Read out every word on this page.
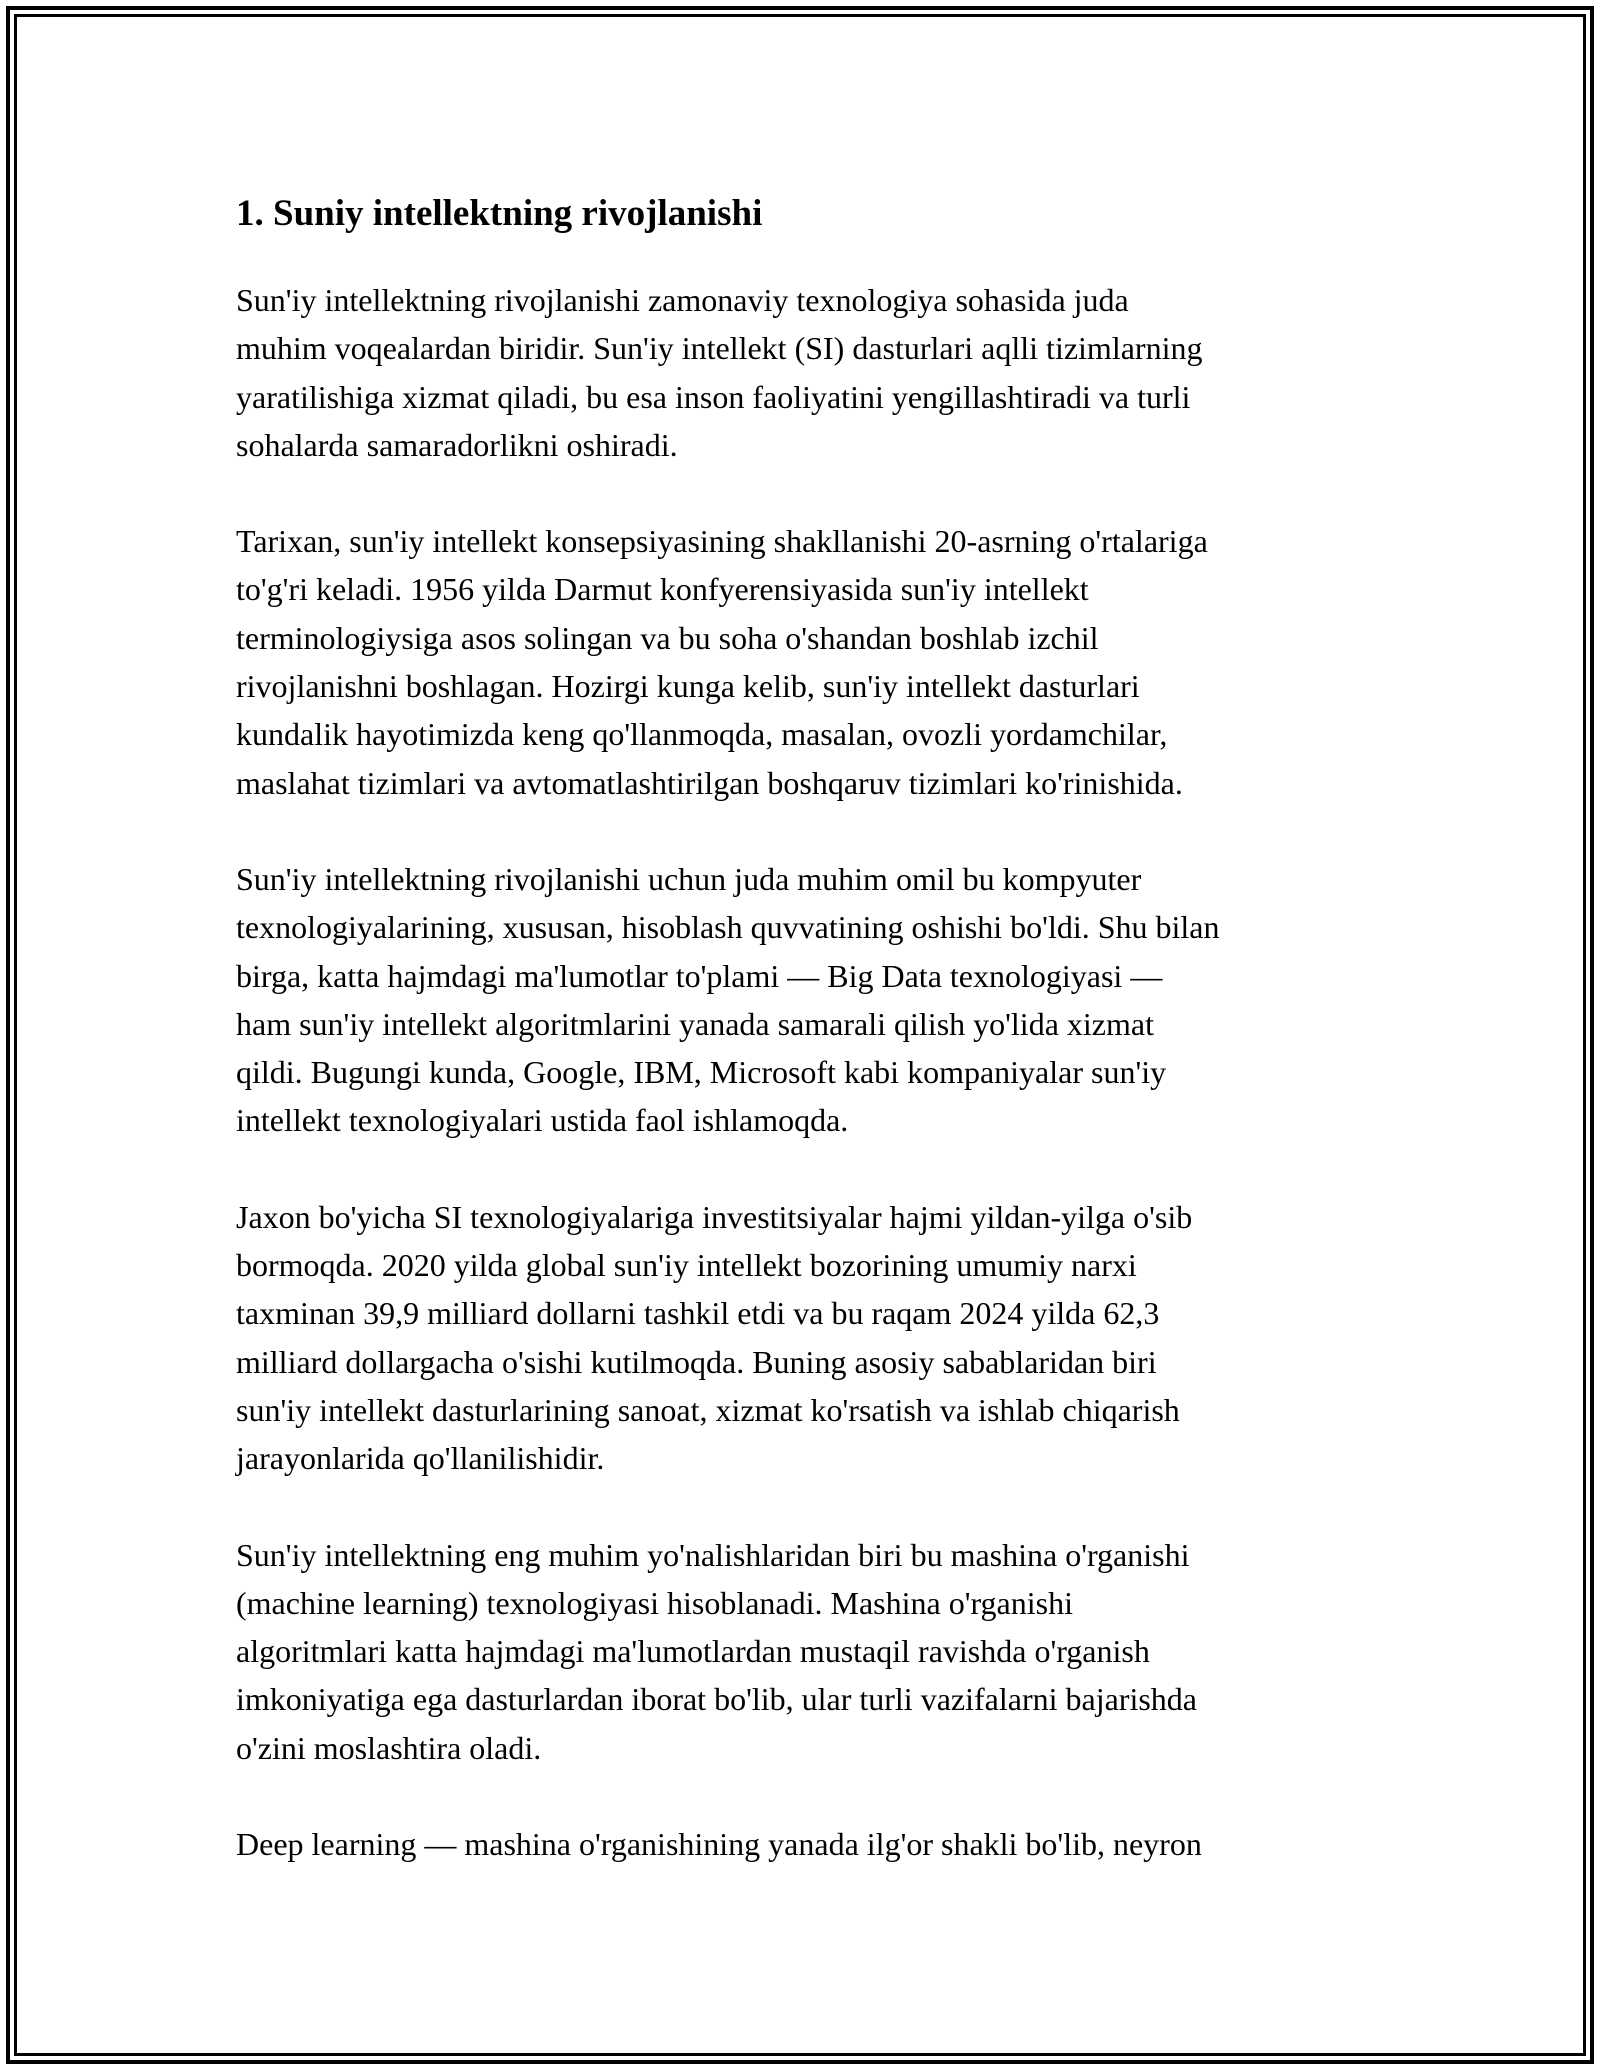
1. Suniy intellektning rivojlanishi

Sun'iy intellektning rivojlanishi zamonaviy texnologiya sohasida juda
muhim voqealardan biridir. Sun'iy intellekt (SI) dasturlari aqlli tizimlarning
yaratilishiga xizmat qiladi, bu esa inson faoliyatini yengillashtiradi va turli
sohalarda samaradorlikni oshiradi.

Tarixan, sun'iy intellekt konsepsiyasining shakllanishi 20-asrning o'rtalariga
to'g'ri keladi. 1956 yilda Darmut konfyerensiyasida sun'iy intellekt
terminologiysiga asos solingan va bu soha o'shandan boshlab izchil
rivojlanishni boshlagan. Hozirgi kunga kelib, sun'iy intellekt dasturlari
kundalik hayotimizda keng qo'llanmoqda, masalan, ovozli yordamchilar,
maslahat tizimlari va avtomatlashtirilgan boshqaruv tizimlari ko'rinishida.

Sun'iy intellektning rivojlanishi uchun juda muhim omil bu kompyuter
texnologiyalarining, xususan, hisoblash quvvatining oshishi bo'ldi. Shu bilan
birga, katta hajmdagi ma'lumotlar to'plami — Big Data texnologiyasi —
ham sun'iy intellekt algoritmlarini yanada samarali qilish yo'lida xizmat
qildi. Bugungi kunda, Google, IBM, Microsoft kabi kompaniyalar sun'iy
intellekt texnologiyalari ustida faol ishlamoqda.

Jaxon bo'yicha SI texnologiyalariga investitsiyalar hajmi yildan-yilga o'sib
bormoqda. 2020 yilda global sun'iy intellekt bozorining umumiy narxi
taxminan 39,9 milliard dollarni tashkil etdi va bu raqam 2024 yilda 62,3
milliard dollargacha o'sishi kutilmoqda. Buning asosiy sabablaridan biri
sun'iy intellekt dasturlarining sanoat, xizmat ko'rsatish va ishlab chiqarish
jarayonlarida qo'llanilishidir.

Sun'iy intellektning eng muhim yo'nalishlaridan biri bu mashina o'rganishi
(machine learning) texnologiyasi hisoblanadi. Mashina o'rganishi
algoritmlari katta hajmdagi ma'lumotlardan mustaqil ravishda o'rganish
imkoniyatiga ega dasturlardan iborat bo'lib, ular turli vazifalarni bajarishda
o'zini moslashtira oladi.

Deep learning — mashina o'rganishining yanada ilg'or shakli bo'lib, neyron
